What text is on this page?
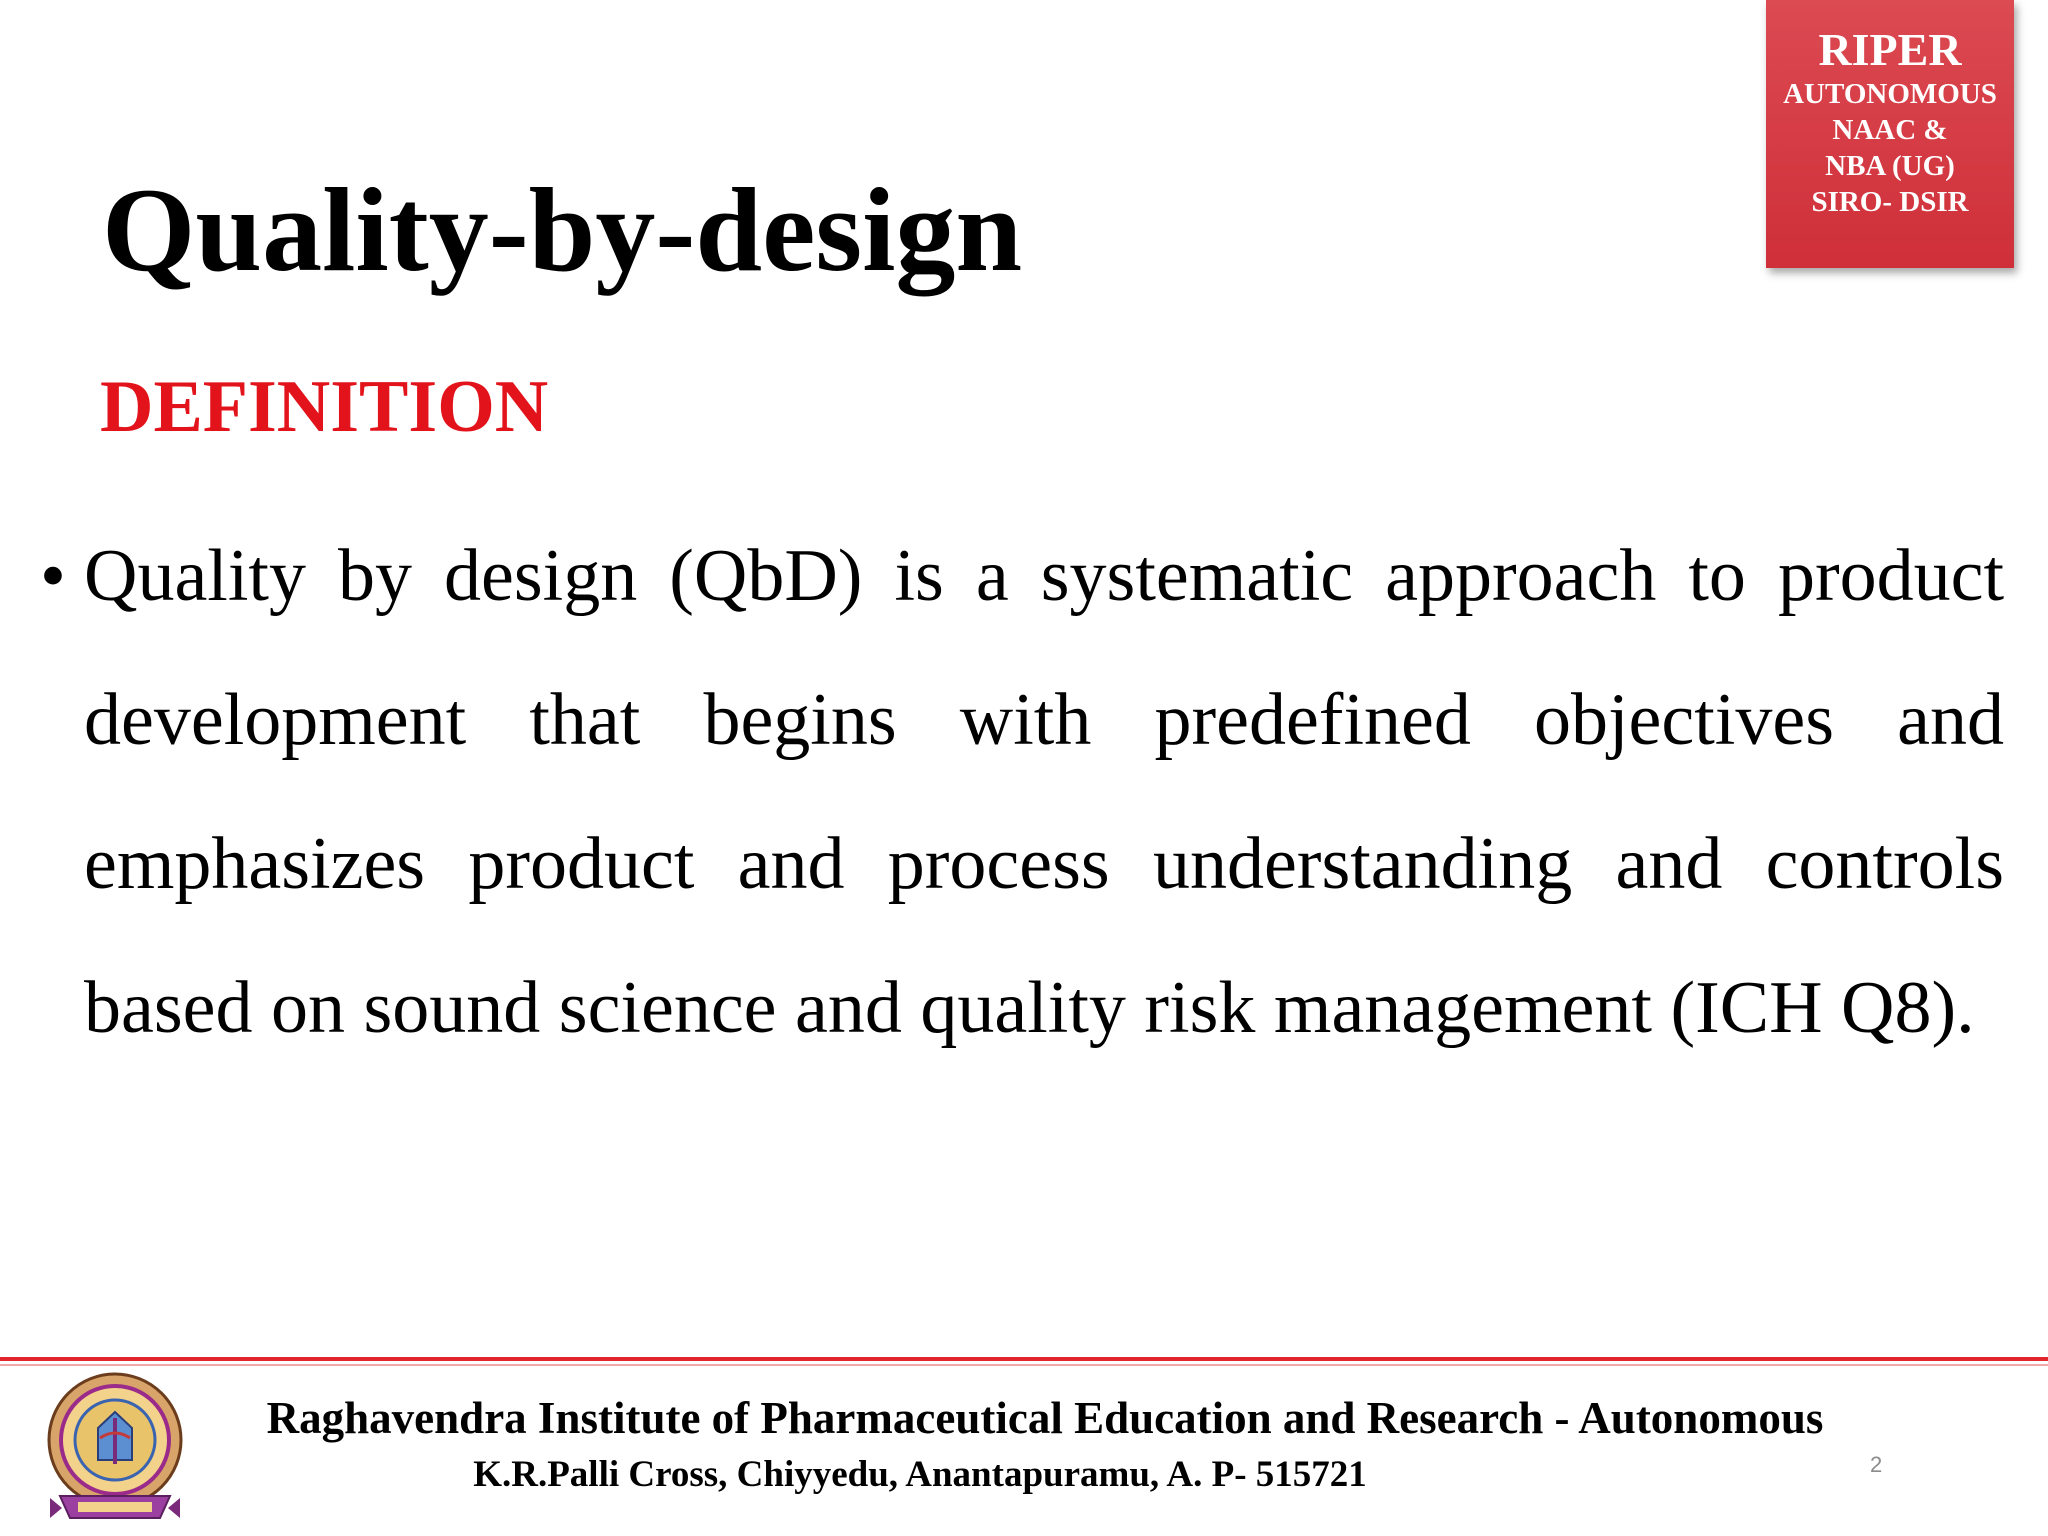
RIPER
AUTONOMOUS
NAAC &
NBA (UG)
SIRO- DSIR
Quality-by-design
DEFINITION
• Quality by design (QbD) is a systematic approach to product development that begins with predefined objectives and emphasizes product and process understanding and controls based on sound science and quality risk management (ICH Q8).
Raghavendra Institute of Pharmaceutical Education and Research - Autonomous
K.R.Palli Cross, Chiyyedu, Anantapuramu, A. P- 515721	2
